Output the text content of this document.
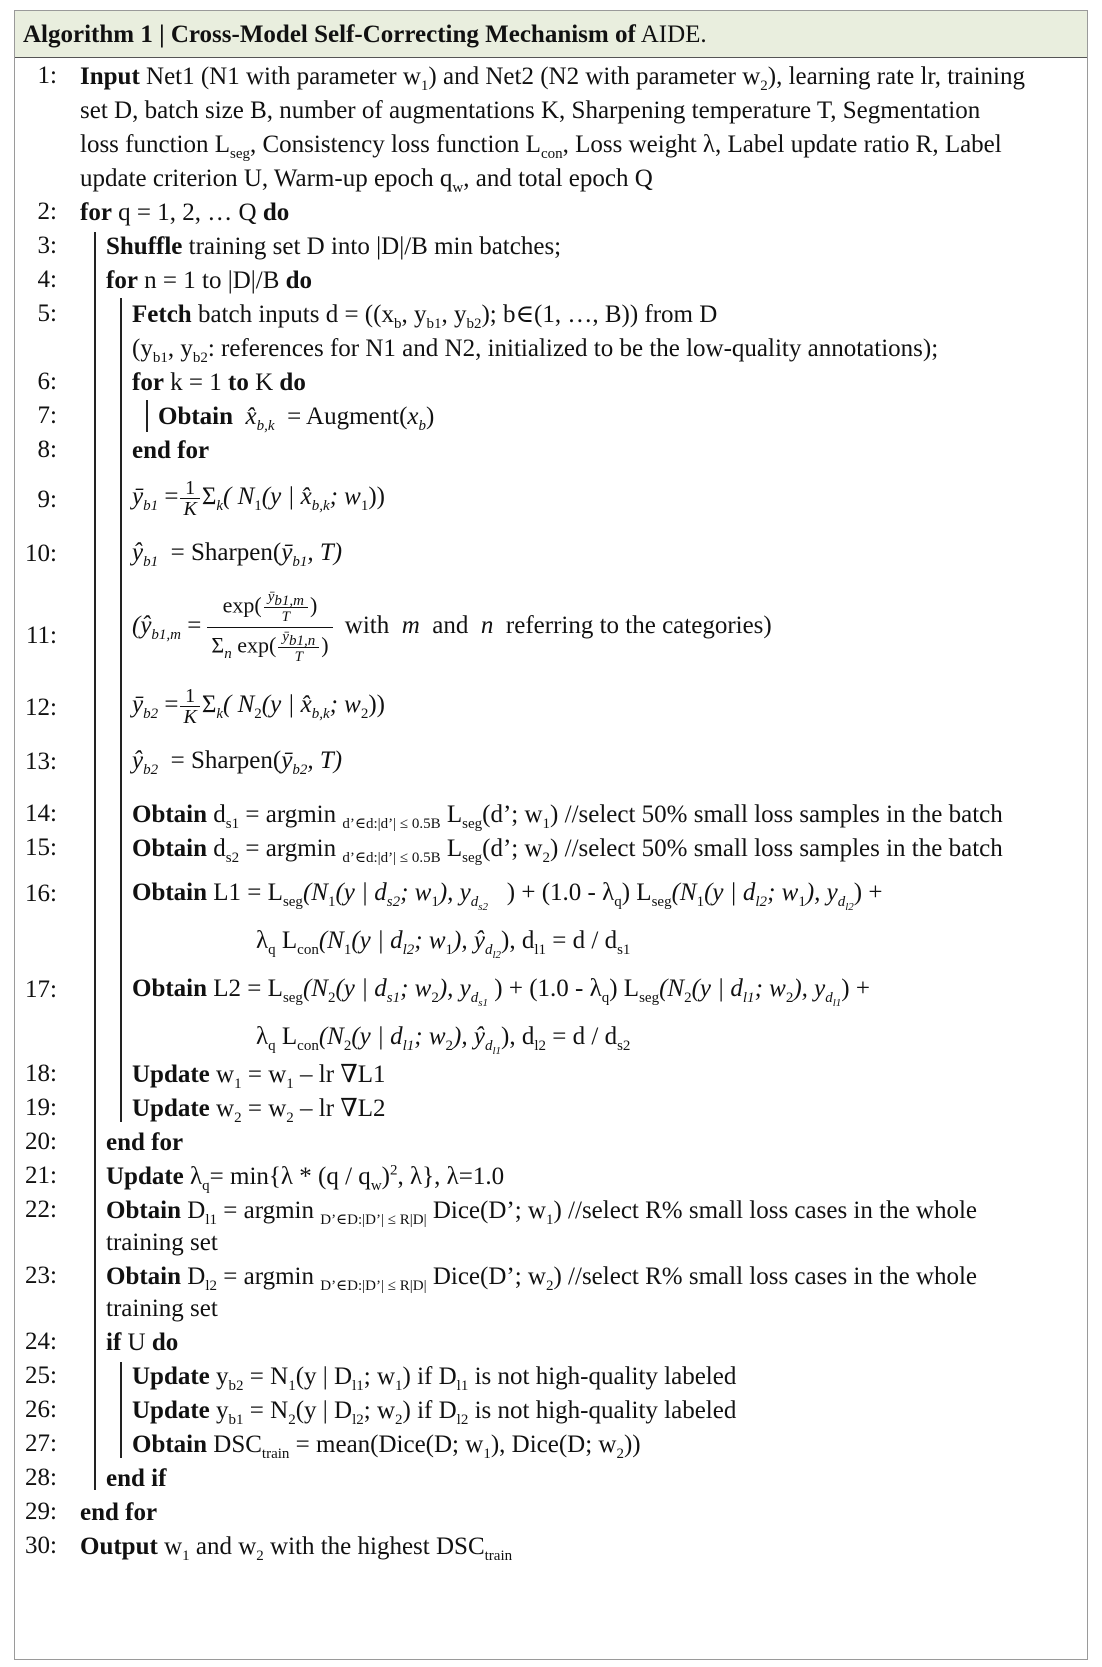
Algorithm 1 | Cross-Model Self-Correcting Mechanism of AIDE.
1: Input Net1 (N1 with parameter $w_1$) and Net2 (N2 with parameter $w_2$), learning rate lr, training
set D, batch size B, number of augmentations K, Sharpening temperature T, Segmentation
loss function $L_{seg}$, Consistency loss function $L_{con}$, Loss weight λ, Label update ratio R, Label
update criterion U, Warm-up epoch $q_w$, and total epoch Q
2: for q = 1, 2, … Q do
3: Shuffle training set D into |D|/B min batches;
4: for n = 1 to |D|/B do
5:	Fetch batch inputs $d = ((x_b$, $y_{b1}$, $y_{b2}$); b∈(1, …, B)) from D
($y_{b1}$, $y_{b2}$: references for N1 and N2, initialized to be the low-quality annotations);
6:	for k = 1 to K do
7:	Obtain $x̂_{b,k}$ = $Augment(x_b)$
8:	end for
9:	$ȳ_{b1} = \frac{1}{K} \Sigma_k$( $N_1(y$ | $x̂_{b,k}$; $w_1$))
10:	$ŷ_{b1}$ = $Sharpen(ȳ_{b1}$, T)
11:	($ŷ_{b1,m} = \frac{\exp( \frac{ȳ_{b1,m}}{T} )}{\Sigma_n \exp( \frac{ȳ_{b1,n}}{T} )}$ with m and n referring to the categories)
12:	$ȳ_{b2} = \frac{1}{K} \Sigma_k$( $N_2(y$ | $x̂_{b,k}$; $w_2$))
13:	$ŷ_{b2}$ = $Sharpen(ȳ_{b2}$, T)
14:	Obtain $d_{s1} = argmin$ $_{d’\in d:|d’| \le 0.5B}$ $L_{seg}(d$’; $w_1$) //select 50% small loss samples in the batch
15:	Obtain $d_{s2} = argmin$ $_{d’\in d:|d’| \le 0.5B}$ $L_{seg}(d$’; $w_2$) //select 50% small loss samples in the batch
16:	Obtain $L1 = L_{seg}(N_1(y$ | $d_{s2}$; $w_1$), $y_{d_{s2}}$   ) + $(1.0 - \lambda_q)$ $L_{seg}(N_1(y$ | $d_{l2}$; $w_1$), $y_{d_{l2}}$) +
$\lambda_q$ $L_{con}(N_1(y$ | $d_{l2}$; $w_1$), $ŷ_{d_{l2}}$), $d_{l1} = d / d_{s1}$
17:	Obtain $L2 = L_{seg}(N_2(y$ | $d_{s1}$; $w_2$), $y_{d_{s1}}$ ) + $(1.0 - \lambda_q)$ $L_{seg}(N_2(y$ | $d_{l1}$; $w_2$), $y_{d_{l1}}$) +
$\lambda_q$ $L_{con}(N_2(y$ | $d_{l1}$; $w_2$), $ŷ_{d_{l1}}$), $d_{l2} = d / d_{s2}$
18:	Update $w_1 = w_1$ – lr ∇L1
19:	Update $w_2 = w_2$ – lr ∇L2
20: end for
21: Update $\lambda_q= \min\{\lambda * (q / q_w)^2$, λ}, λ=1.0
22: Obtain $D_{l1} = argmin$ $_{D’\in D:|D’| \le R|D|}$ Dice(D’; $w_1$) //select R% small loss cases in the whole
training set
23: Obtain $D_{l2} = argmin$ $_{D’\in D:|D’| \le R|D|}$ Dice(D’; $w_2$) //select R% small loss cases in the whole
training set
24: if U do
25:	Update $y_{b2} = N_1(y$ | $D_{l1}$; $w_1$) if $D_{l1}$ is not high-quality labeled
26:	Update $y_{b1} = N_2(y$ | $D_{l2}$; $w_2$) if $D_{l2}$ is not high-quality labeled
27:	Obtain $DSC_{train}$ = mean(Dice(D; $w_1$), Dice(D; $w_2$))
28: end if
29: end for
30: Output $w_1$ and $w_2$ with the highest $DSC_{train}$
